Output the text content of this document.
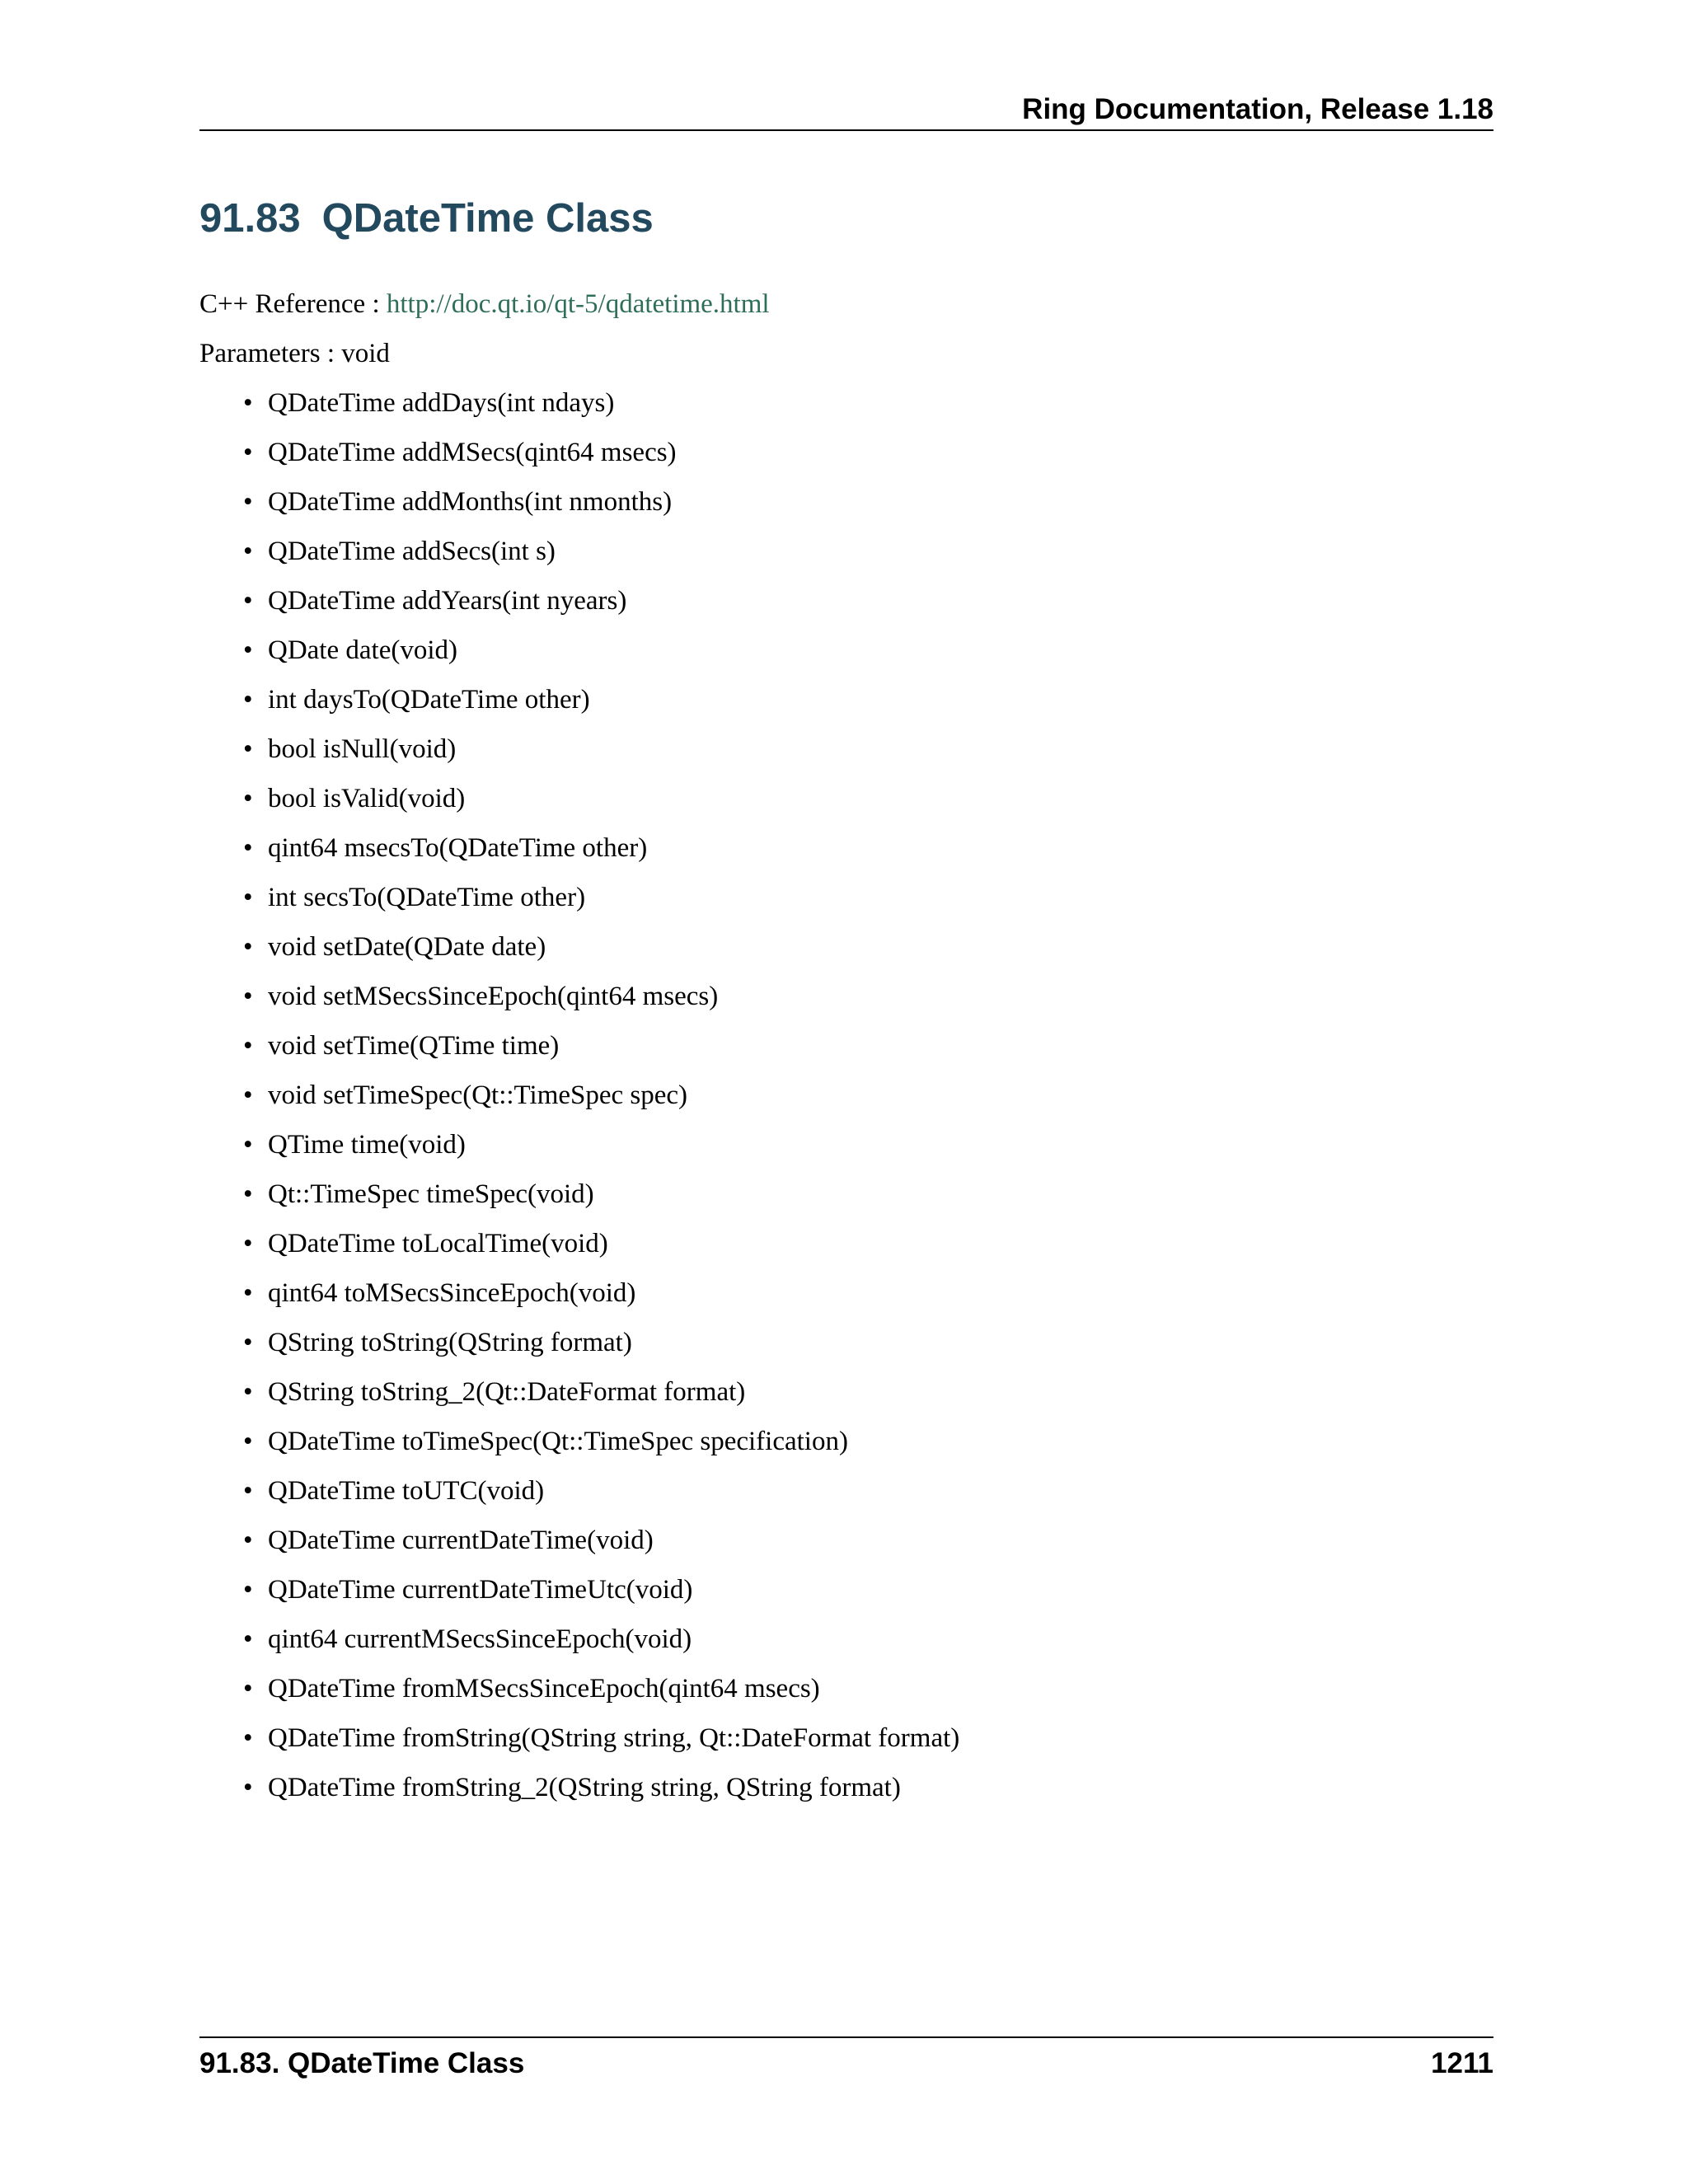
Ring Documentation, Release 1.18
91.83 QDateTime Class
C++ Reference : http://doc.qt.io/qt-5/qdatetime.html
Parameters : void
• QDateTime addDays(int ndays)
• QDateTime addMSecs(qint64 msecs)
• QDateTime addMonths(int nmonths)
• QDateTime addSecs(int s)
• QDateTime addYears(int nyears)
• QDate date(void)
• int daysTo(QDateTime other)
• bool isNull(void)
• bool isValid(void)
• qint64 msecsTo(QDateTime other)
• int secsTo(QDateTime other)
• void setDate(QDate date)
• void setMSecsSinceEpoch(qint64 msecs)
• void setTime(QTime time)
• void setTimeSpec(Qt::TimeSpec spec)
• QTime time(void)
• Qt::TimeSpec timeSpec(void)
• QDateTime toLocalTime(void)
• qint64 toMSecsSinceEpoch(void)
• QString toString(QString format)
• QString toString_2(Qt::DateFormat format)
• QDateTime toTimeSpec(Qt::TimeSpec specification)
• QDateTime toUTC(void)
• QDateTime currentDateTime(void)
• QDateTime currentDateTimeUtc(void)
• qint64 currentMSecsSinceEpoch(void)
• QDateTime fromMSecsSinceEpoch(qint64 msecs)
• QDateTime fromString(QString string, Qt::DateFormat format)
• QDateTime fromString_2(QString string, QString format)
91.83. QDateTime Class	1211
